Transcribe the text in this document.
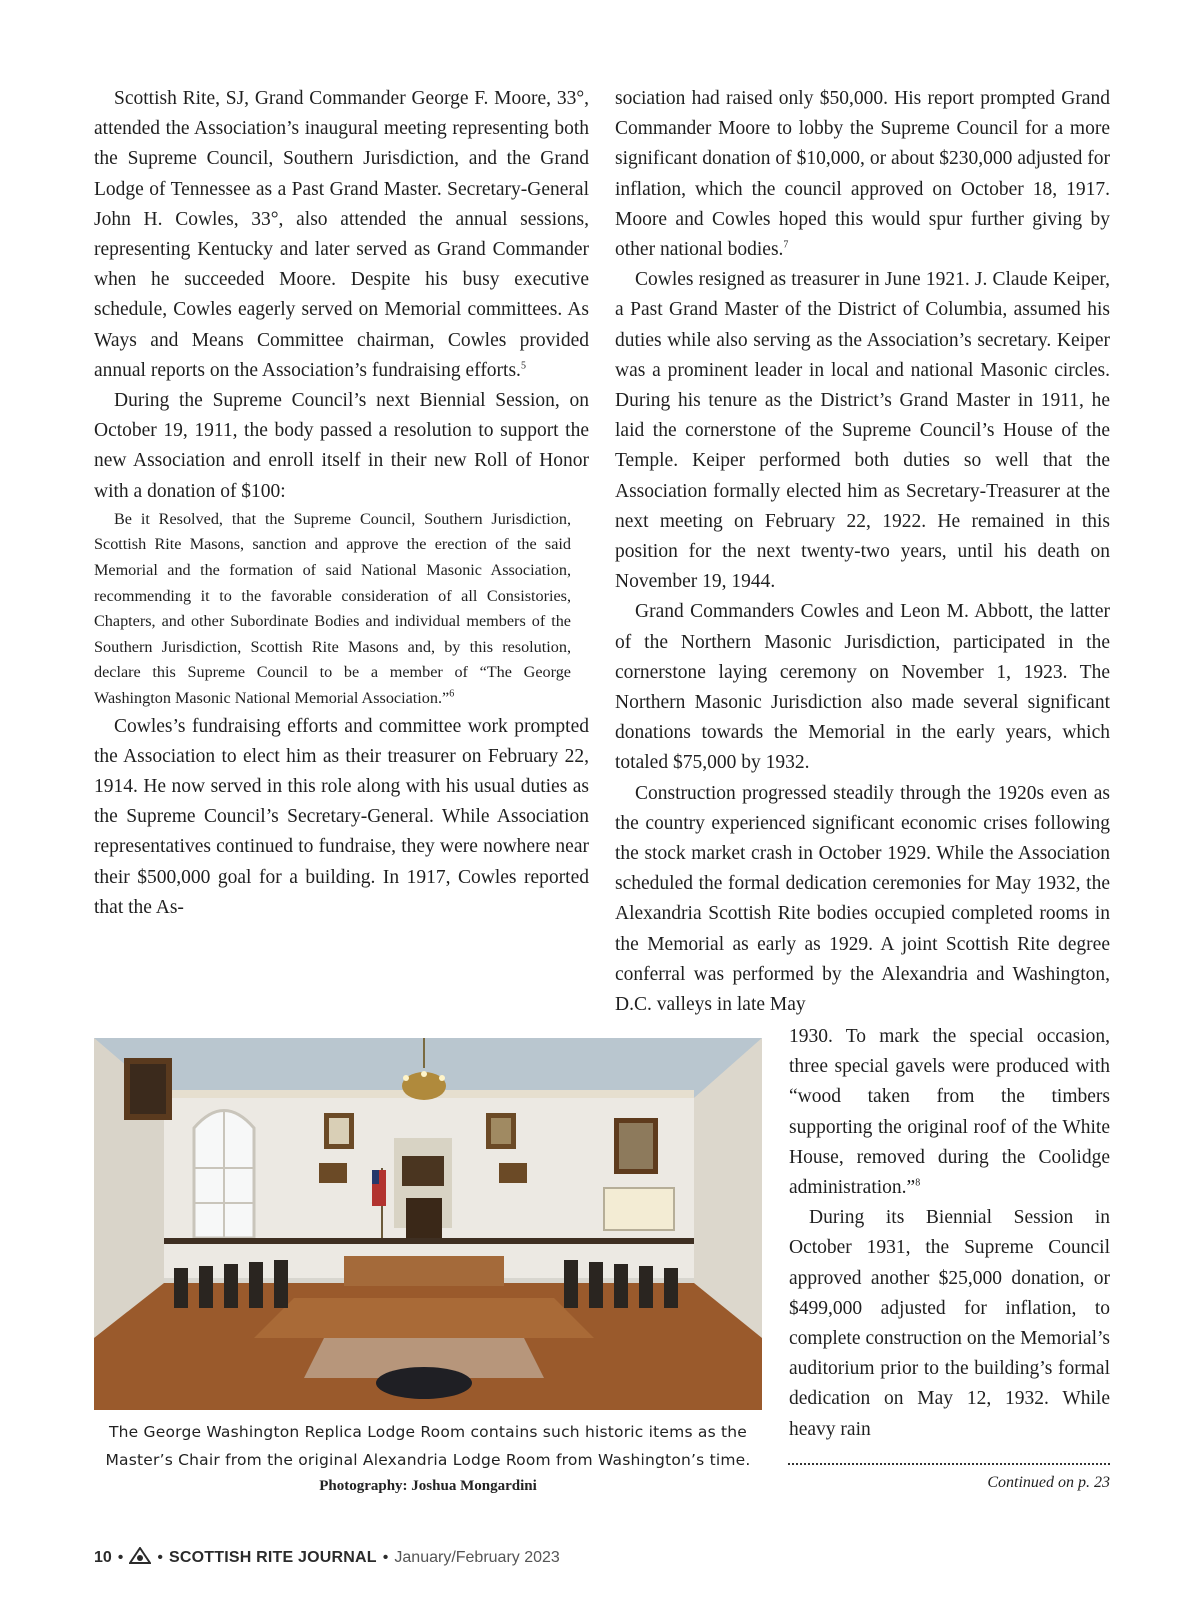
Scottish Rite, SJ, Grand Commander George F. Moore, 33°, attended the Association’s inaugural meeting representing both the Supreme Council, Southern Jurisdiction, and the Grand Lodge of Tennessee as a Past Grand Master. Secretary-General John H. Cowles, 33°, also attended the annual sessions, representing Kentucky and later served as Grand Commander when he succeeded Moore. Despite his busy executive schedule, Cowles eagerly served on Memorial committees. As Ways and Means Committee chairman, Cowles provided annual reports on the Association’s fundraising efforts.$^5$

During the Supreme Council’s next Biennial Session, on October 19, 1911, the body passed a resolution to support the new Association and enroll itself in their new Roll of Honor with a donation of $100:

Be it Resolved, that the Supreme Council, Southern Jurisdiction, Scottish Rite Masons, sanction and approve the erection of the said Memorial and the formation of said National Masonic Association, recommending it to the favorable consideration of all Consistories, Chapters, and other Subordinate Bodies and individual members of the Southern Jurisdiction, Scottish Rite Masons and, by this resolution, declare this Supreme Council to be a member of “The George Washington Masonic National Memorial Association.”$^6$

Cowles’s fundraising efforts and committee work prompted the Association to elect him as their treasurer on February 22, 1914. He now served in this role along with his usual duties as the Supreme Council’s Secretary-General. While Association representatives continued to fundraise, they were nowhere near their $500,000 goal for a building. In 1917, Cowles reported that the As-

sociation had raised only $50,000. His report prompted Grand Commander Moore to lobby the Supreme Council for a more significant donation of $10,000, or about $230,000 adjusted for inflation, which the council approved on October 18, 1917. Moore and Cowles hoped this would spur further giving by other national bodies.$^7$

Cowles resigned as treasurer in June 1921. J. Claude Keiper, a Past Grand Master of the District of Columbia, assumed his duties while also serving as the Association’s secretary. Keiper was a prominent leader in local and national Masonic circles. During his tenure as the District’s Grand Master in 1911, he laid the cornerstone of the Supreme Council’s House of the Temple. Keiper performed both duties so well that the Association formally elected him as Secretary-Treasurer at the next meeting on February 22, 1922. He remained in this position for the next twenty-two years, until his death on November 19, 1944.

Grand Commanders Cowles and Leon M. Abbott, the latter of the Northern Masonic Jurisdiction, participated in the cornerstone laying ceremony on November 1, 1923. The Northern Masonic Jurisdiction also made several significant donations towards the Memorial in the early years, which totaled $75,000 by 1932.

Construction progressed steadily through the 1920s even as the country experienced significant economic crises following the stock market crash in October 1929. While the Association scheduled the formal dedication ceremonies for May 1932, the Alexandria Scottish Rite bodies occupied completed rooms in the Memorial as early as 1929. A joint Scottish Rite degree conferral was performed by the Alexandria and Washington, D.C. valleys in late May

1930. To mark the special occasion, three special gavels were produced with “wood taken from the timbers supporting the original roof of the White House, removed during the Coolidge administration.”$^8$

During its Biennial Session in October 1931, the Supreme Council approved another $25,000 donation, or $499,000 adjusted for inflation, to complete construction on the Memorial’s auditorium prior to the building’s formal dedication on May 12, 1932. While heavy rain

The George Washington Replica Lodge Room contains such historic items as the Master’s Chair from the original Alexandria Lodge Room from Washington’s time.
Photography: Joshua Mongardini	Continued on p. 23
10 • • SCOTTISH RITE JOURNAL • January/February 2023
